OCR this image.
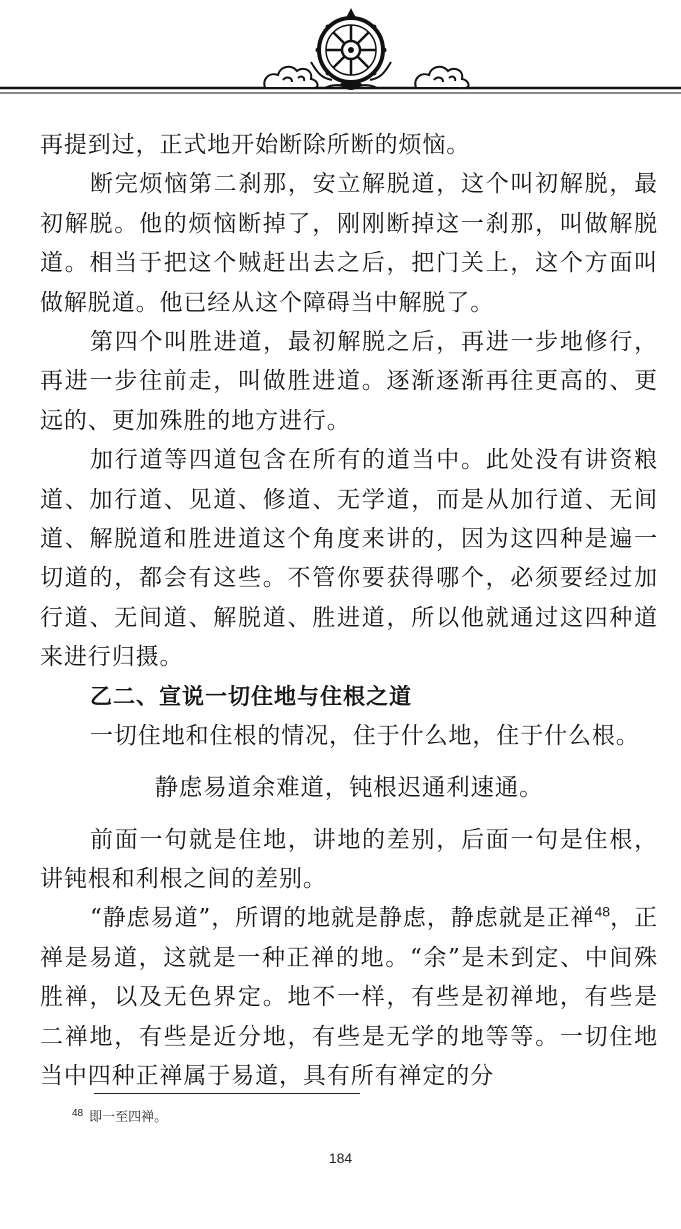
再提到过，正式地开始断除所断的烦恼。

断完烦恼第二刹那，安立解脱道，这个叫初解脱，最初解脱。他的烦恼断掉了，刚刚断掉这一刹那，叫做解脱道。相当于把这个贼赶出去之后，把门关上，这个方面叫做解脱道。他已经从这个障碍当中解脱了。

第四个叫胜进道，最初解脱之后，再进一步地修行，再进一步往前走，叫做胜进道。逐渐逐渐再往更高的、更远的、更加殊胜的地方进行。

加行道等四道包含在所有的道当中。此处没有讲资粮道、加行道、见道、修道、无学道，而是从加行道、无间道、解脱道和胜进道这个角度来讲的，因为这四种是遍一切道的，都会有这些。不管你要获得哪个，必须要经过加行道、无间道、解脱道、胜进道，所以他就通过这四种道来进行归摄。

乙二、宣说一切住地与住根之道

一切住地和住根的情况，住于什么地，住于什么根。

静虑易道余难道，钝根迟通利速通。

前面一句就是住地，讲地的差别，后面一句是住根，讲钝根和利根之间的差别。

“静虑易道”，所谓的地就是静虑，静虑就是正禅$^{48}$，正禅是易道，这就是一种正禅的地。“余”是未到定、中间殊胜禅，以及无色界定。地不一样，有些是初禅地，有些是二禅地，有些是近分地，有些是无学的地等等。一切住地当中四种正禅属于易道，具有所有禅定的分

$^{48}$ 即一至四禅。
184
